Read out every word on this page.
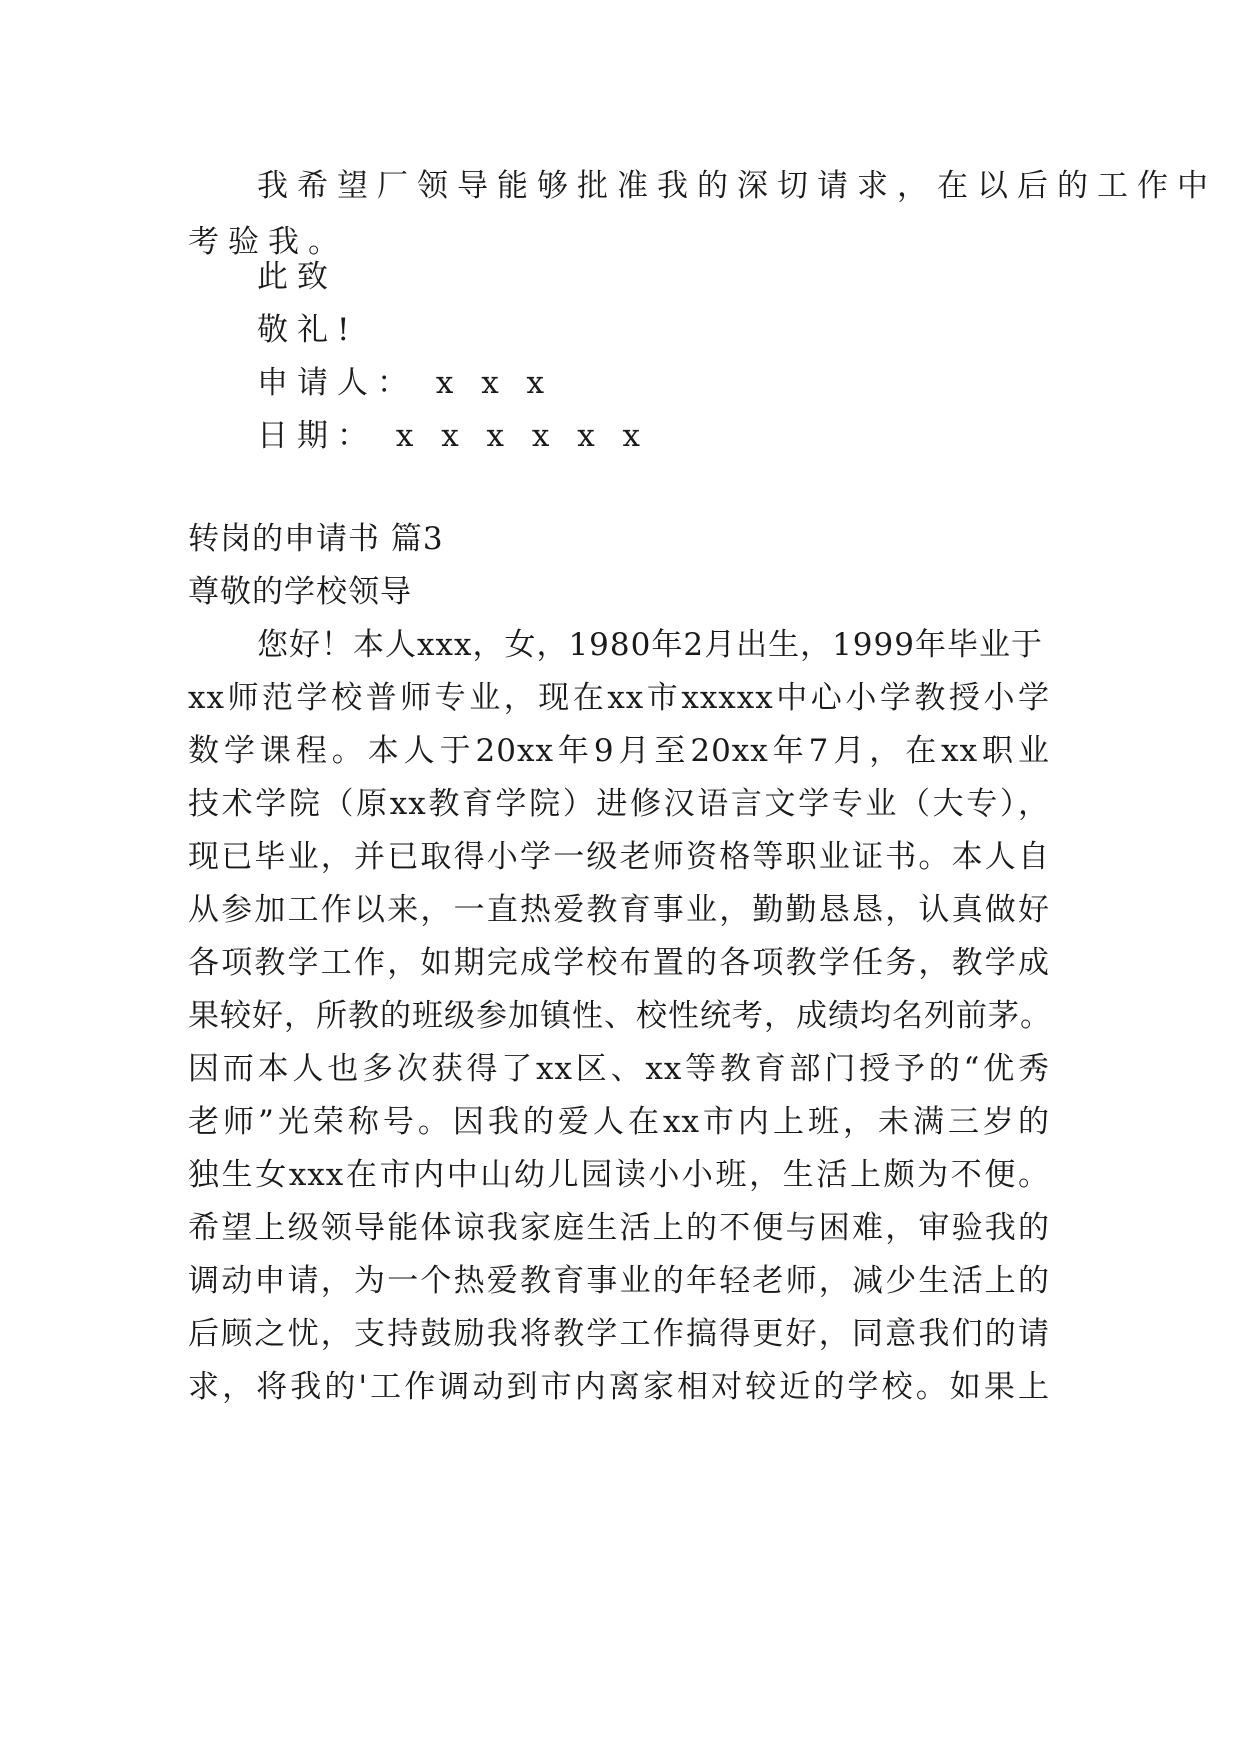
我希望厂领导能够批准我的深切请求，在以后的工作中
考验我。
此致
敬礼!
申请人： x x x
日期： x x x x x x
转岗的申请书 篇3
尊敬的学校领导
您好！本人xxx，女，1980年2月出生，1999年毕业于
xx师范学校普师专业，现在xx市xxxxx中心小学教授小学
数学课程。本人于20xx年9月至20xx年7月，在xx职业
技术学院（原xx教育学院）进修汉语言文学专业（大专），
现已毕业，并已取得小学一级老师资格等职业证书。本人自
从参加工作以来，一直热爱教育事业，勤勤恳恳，认真做好
各项教学工作，如期完成学校布置的各项教学任务，教学成
果较好，所教的班级参加镇性、校性统考，成绩均名列前茅。
因而本人也多次获得了xx区、xx等教育部门授予的“优秀
老师”光荣称号。因我的爱人在xx市内上班，未满三岁的
独生女xxx在市内中山幼儿园读小小班，生活上颇为不便。
希望上级领导能体谅我家庭生活上的不便与困难，审验我的
调动申请，为一个热爱教育事业的年轻老师，减少生活上的
后顾之忧，支持鼓励我将教学工作搞得更好，同意我们的请
求，将我的'工作调动到市内离家相对较近的学校。如果上
